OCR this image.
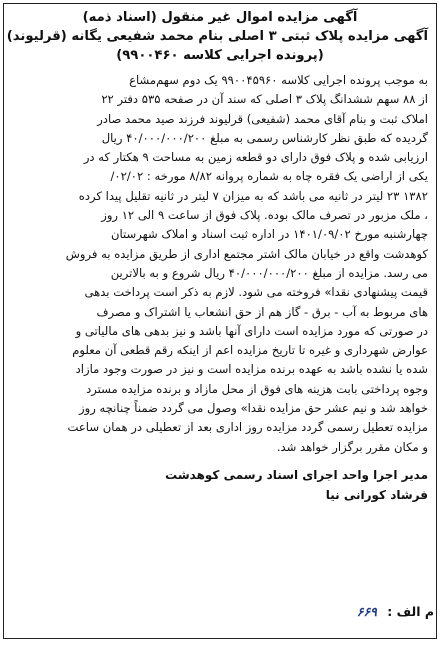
آگهی مزایده اموال غیر منقول (اسناد ذمه)
آگهی مزایده پلاک ثبتی ۳ اصلی بنام محمد شفیعی یگانه (قرلیوند)
(پرونده اجرایی کلاسه ۹۹۰۰۴۶۰)
به موجب پرونده اجرایی کلاسه ۹۹۰۰۴۵۹۶۰ یک دوم سهم‌مشاع
از ۸۸ سهم ششدانگ پلاک ۳ اصلی که سند آن در صفحه ۵۳۵ دفتر ۲۲
املاک ثبت و بنام آقای محمد (شفیعی) قرلیوند فرزند صید محمد صادر
گردیده که طبق نظر کارشناس رسمی به مبلغ ۴۰/۰۰۰/۰۰۰/۲۰۰ ریال
ارزیابی شده و پلاک فوق دارای دو قطعه زمین به مساحت ۹ هکتار که در
یکی از اراضی یک فقره چاه به شماره پروانه ۸/۸۲ مورخه : ۰۲/۰۲/
۱۳۸۲ ۲۳ لیتر در ثانیه می باشد که به میزان ۷ لیتر در ثانیه تقلیل پیدا کرده
، ملک مزبور در تصرف مالک بوده. پلاک فوق از ساعت ۹ الی ۱۲ روز
چهارشنبه مورخ ۱۴۰۱/۰۹/۰۲ در اداره ثبت اسناد و املاک شهرستان
کوهدشت واقع در خیابان مالک اشتر مجتمع اداری از طریق مزایده به فروش
می رسد. مزایده از مبلغ ۴۰/۰۰۰/۰۰۰/۲۰۰ ریال شروع و به بالاترین
قیمت پیشنهادی نقدا» فروخته می شود. لازم به ذکر است پرداخت بدهی
های مربوط به آب - برق - گاز هم از حق انشعاب یا اشتراک و مصرف
در صورتی که مورد مزایده است دارای آنها باشد و نیز بدهی های مالیاتی و
عوارض شهرداری و غیره تا تاریخ مزایده اعم از اینکه رقم قطعی آن معلوم
شده یا نشده باشد به عهده برنده مزایده است و نیز در صورت وجود مازاد
وجوه پرداختی بابت هزینه های فوق از محل مازاد و برنده مزایده مسترد
خواهد شد و نیم عشر حق مزایده نقدا» وصول می گردد ضمناً چنانچه روز
مزایده تعطیل رسمی گردد مزایده روز اداری بعد از تعطیلی در همان ساعت
و مکان مقرر برگزار خواهد شد.
مدیر اجرا واحد اجرای اسناد رسمی کوهدشت
فرشاد کورانی نیا
م الف : ۶۶۹
